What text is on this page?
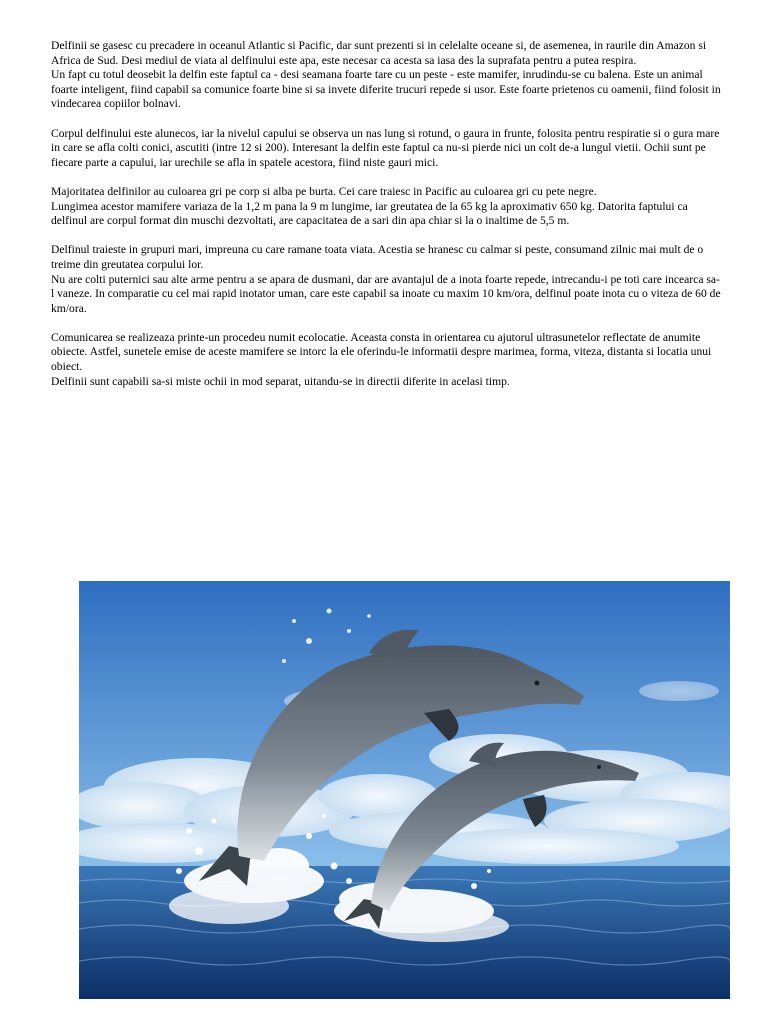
Delfinii se gasesc cu precadere in oceanul Atlantic si Pacific, dar sunt prezenti si in celelalte oceane si, de asemenea, in raurile din Amazon si Africa de Sud. Desi mediul de viata al delfinului este apa, este necesar ca acesta sa iasa des la suprafata pentru a putea respira.

Un fapt cu totul deosebit la delfin este faptul ca - desi seamana foarte tare cu un peste - este mamifer, inrudindu-se cu balena. Este un animal foarte inteligent, fiind capabil sa comunice foarte bine si sa invete diferite trucuri repede si usor. Este foarte prietenos cu oamenii, fiind folosit in vindecarea copiilor bolnavi.

Corpul delfinului este alunecos, iar la nivelul capului se observa un nas lung si rotund, o gaura in frunte, folosita pentru respiratie si o gura mare in care se afla colti conici, ascutiti (intre 12 si 200). Interesant la delfin este faptul ca nu-si pierde nici un colt de-a lungul vietii. Ochii sunt pe fiecare parte a capului, iar urechile se afla in spatele acestora, fiind niste gauri mici.

Majoritatea delfinilor au culoarea gri pe corp si alba pe burta. Cei care traiesc in Pacific au culoarea gri cu pete negre.

Lungimea acestor mamifere variaza de la 1,2 m pana la 9 m lungime, iar greutatea de la 65 kg la aproximativ 650 kg. Datorita faptului ca delfinul are corpul format din muschi dezvoltati, are capacitatea de a sari din apa chiar si la o inaltime de 5,5 m.

Delfinul traieste in grupuri mari, impreuna cu care ramane toata viata. Acestia se hranesc cu calmar si peste, consumand zilnic mai mult de o treime din greutatea corpului lor.

Nu are colti puternici sau alte arme pentru a se apara de dusmani, dar are avantajul de a inota foarte repede, intrecandu-i pe toti care incearca sa-l vaneze. In comparatie cu cel mai rapid inotator uman, care este capabil sa inoate cu maxim 10 km/ora, delfinul poate inota cu o viteza de 60 de km/ora.

Comunicarea se realizeaza printe-un procedeu numit ecolocatie. Aceasta consta in orientarea cu ajutorul ultrasunetelor reflectate de anumite obiecte. Astfel, sunetele emise de aceste mamifere se intorc la ele oferindu-le informatii despre marimea, forma, viteza, distanta si locatia unui obiect.

Delfinii sunt capabili sa-si miste ochii in mod separat, uitandu-se in directii diferite in acelasi timp.
